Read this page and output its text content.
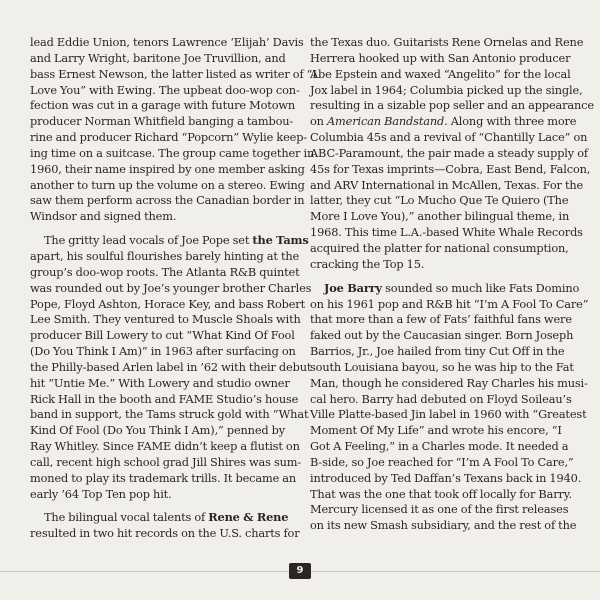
lead Eddie Union, tenors Lawrence ‘Elijah’ Davis
and Larry Wright, baritone Joe Truvillion, and
bass Ernest Newson, the latter listed as writer of “I
Love You” with Ewing. The upbeat doo-wop con-
fection was cut in a garage with future Motown
producer Norman Whitfield banging a tambou-
rine and producer Richard “Popcorn” Wylie keep-
ing time on a suitcase. The group came together in
1960, their name inspired by one member asking
another to turn up the volume on a stereo. Ewing
saw them perform across the Canadian border in
Windsor and signed them.

The gritty lead vocals of Joe Pope set the Tams
apart, his soulful flourishes barely hinting at the
group’s doo-wop roots. The Atlanta R&B quintet
was rounded out by Joe’s younger brother Charles
Pope, Floyd Ashton, Horace Key, and bass Robert
Lee Smith. They ventured to Muscle Shoals with
producer Bill Lowery to cut “What Kind Of Fool
(Do You Think I Am)” in 1963 after surfacing on
the Philly-based Arlen label in ’62 with their debut
hit “Untie Me.” With Lowery and studio owner
Rick Hall in the booth and FAME Studio’s house
band in support, the Tams struck gold with “What
Kind Of Fool (Do You Think I Am),” penned by
Ray Whitley. Since FAME didn’t keep a flutist on
call, recent high school grad Jill Shires was sum-
moned to play its trademark trills. It became an
early ’64 Top Ten pop hit.

The bilingual vocal talents of Rene & Rene
resulted in two hit records on the U.S. charts for

the Texas duo. Guitarists Rene Ornelas and Rene
Herrera hooked up with San Antonio producer
Abe Epstein and waxed “Angelito” for the local
Jox label in 1964; Columbia picked up the single,
resulting in a sizable pop seller and an appearance
on American Bandstand. Along with three more
Columbia 45s and a revival of “Chantilly Lace” on
ABC-Paramount, the pair made a steady supply of
45s for Texas imprints—Cobra, East Bend, Falcon,
and ARV International in McAllen, Texas. For the
latter, they cut “Lo Mucho Que Te Quiero (The
More I Love You),” another bilingual theme, in
1968. This time L.A.-based White Whale Records
acquired the platter for national consumption,
cracking the Top 15.

Joe Barry sounded so much like Fats Domino
on his 1961 pop and R&B hit “I’m A Fool To Care”
that more than a few of Fats’ faithful fans were
faked out by the Caucasian singer. Born Joseph
Barrios, Jr., Joe hailed from tiny Cut Off in the
south Louisiana bayou, so he was hip to the Fat
Man, though he considered Ray Charles his musi-
cal hero. Barry had debuted on Floyd Soileau’s
Ville Platte-based Jin label in 1960 with “Greatest
Moment Of My Life” and wrote his encore, “I
Got A Feeling,” in a Charles mode. It needed a
B-side, so Joe reached for “I’m A Fool To Care,”
introduced by Ted Daffan’s Texans back in 1940.
That was the one that took off locally for Barry.
Mercury licensed it as one of the first releases
on its new Smash subsidiary, and the rest of the

9
